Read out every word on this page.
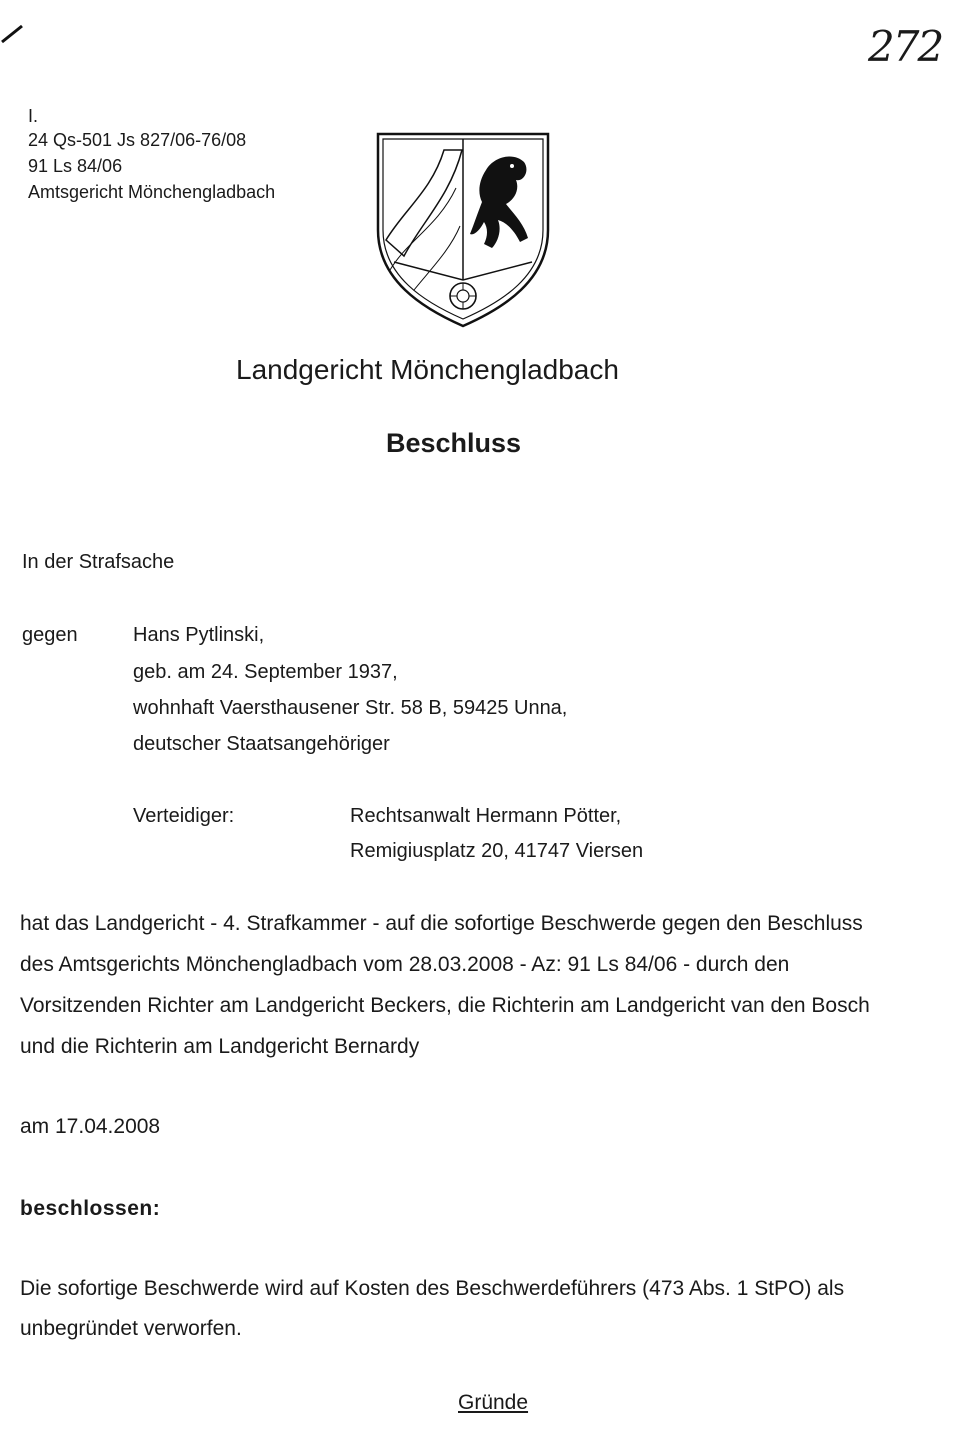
272
I.
24 Qs-501 Js 827/06-76/08
91 Ls 84/06
Amtsgericht Mönchengladbach
Landgericht Mönchengladbach
Beschluss
In der Strafsache
gegen	Hans Pytlinski,
geb. am 24. September 1937,
wohnhaft Vaersthausener Str. 58 B, 59425 Unna,
deutscher Staatsangehöriger
Verteidiger:	Rechtsanwalt Hermann Pötter,
Remigiusplatz 20, 41747 Viersen
hat das Landgericht - 4. Strafkammer - auf die sofortige Beschwerde gegen den Beschluss
des Amtsgerichts Mönchengladbach vom 28.03.2008 - Az: 91 Ls 84/06 - durch den
Vorsitzenden Richter am Landgericht Beckers, die Richterin am Landgericht van den Bosch
und die Richterin am Landgericht Bernardy
am 17.04.2008
beschlossen:
Die sofortige Beschwerde wird auf Kosten des Beschwerdeführers (473 Abs. 1 StPO) als
unbegründet verworfen.
Gründe
